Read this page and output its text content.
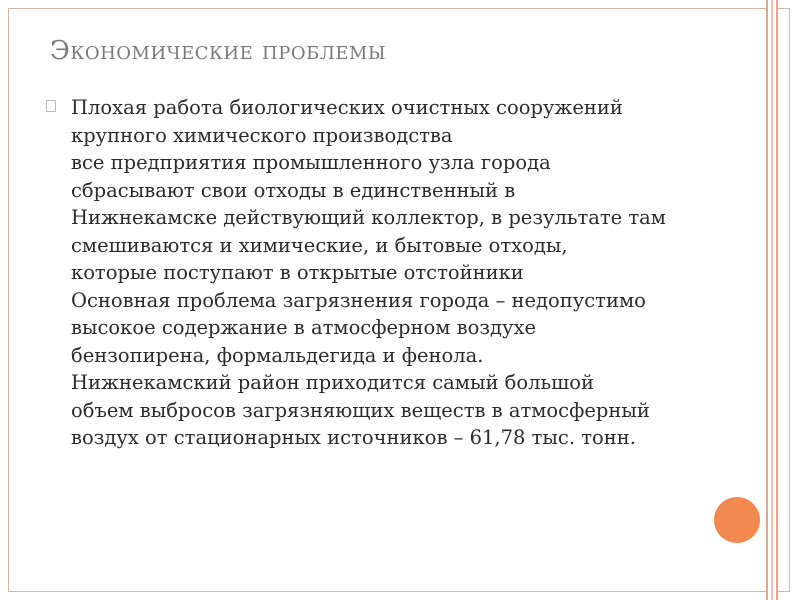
Экономические проблемы
Плохая работа биологических очистных сооружений
крупного химического производства
все предприятия промышленного узла города
сбрасывают свои отходы в единственный в
Нижнекамске действующий коллектор, в результате там
смешиваются и химические, и бытовые отходы,
которые поступают в открытые отстойники
Основная проблема загрязнения города – недопустимо
высокое содержание в атмосферном воздухе
бензопирена, формальдегида и фенола.
Нижнекамский район приходится самый большой
объем выбросов загрязняющих веществ в атмосферный
воздух от стационарных источников – 61,78 тыс. тонн.
